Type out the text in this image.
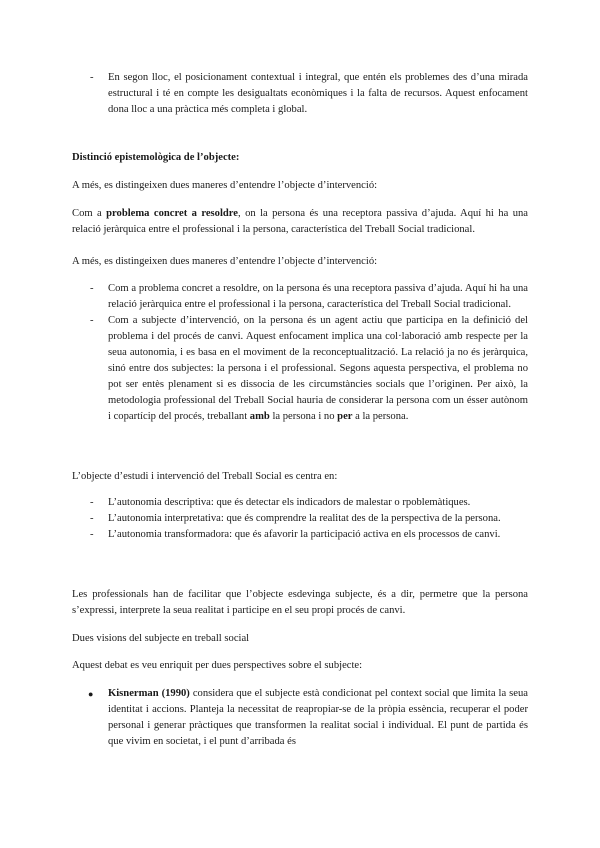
- En segon lloc, el posicionament contextual i integral, que entén els problemes des d’una mirada estructural i té en compte les desigualtats econòmiques i la falta de recursos. Aquest enfocament dona lloc a una pràctica més completa i global.

Distinció epistemològica de l’objecte:

A més, es distingeixen dues maneres d’entendre l’objecte d’intervenció:

Com a problema concret a resoldre, on la persona és una receptora passiva d’ajuda. Aquí hi ha una relació jeràrquica entre el professional i la persona, característica del Treball Social tradicional.

A més, es distingeixen dues maneres d’entendre l’objecte d’intervenció:

- Com a problema concret a resoldre, on la persona és una receptora passiva d’ajuda. Aquí hi ha una relació jeràrquica entre el professional i la persona, característica del Treball Social tradicional.
- Com a subjecte d’intervenció, on la persona és un agent actiu que participa en la definició del problema i del procés de canvi. Aquest enfocament implica una col·laboració amb respecte per la seua autonomia, i es basa en el moviment de la reconceptualització. La relació ja no és jeràrquica, sinó entre dos subjectes: la persona i el professional. Segons aquesta perspectiva, el problema no pot ser entès plenament si es dissocia de les circumstàncies socials que l’originen. Per això, la metodologia professional del Treball Social hauria de considerar la persona com un ésser autònom i copartícip del procés, treballant amb la persona i no per a la persona.

L’objecte d’estudi i intervenció del Treball Social es centra en:

- L’autonomia descriptiva: que és detectar els indicadors de malestar o rpoblemàtiques.
- L’autonomia interpretativa: que és comprendre la realitat des de la perspectiva de la persona.
- L’autonomia transformadora: que és afavorir la participació activa en els processos de canvi.

Les professionals han de facilitar que l’objecte esdevinga subjecte, és a dir, permetre que la persona s’expressi, interprete la seua realitat i participe en el seu propi procés de canvi.

Dues visions del subjecte en treball social

Aquest debat es veu enriquit per dues perspectives sobre el subjecte:

● Kisnerman (1990) considera que el subjecte està condicionat pel context social que limita la seua identitat i accions. Planteja la necessitat de reapropiar-se de la pròpia essència, recuperar el poder personal i generar pràctiques que transformen la realitat social i individual. El punt de partida és que vivim en societat, i el punt d’arribada és
